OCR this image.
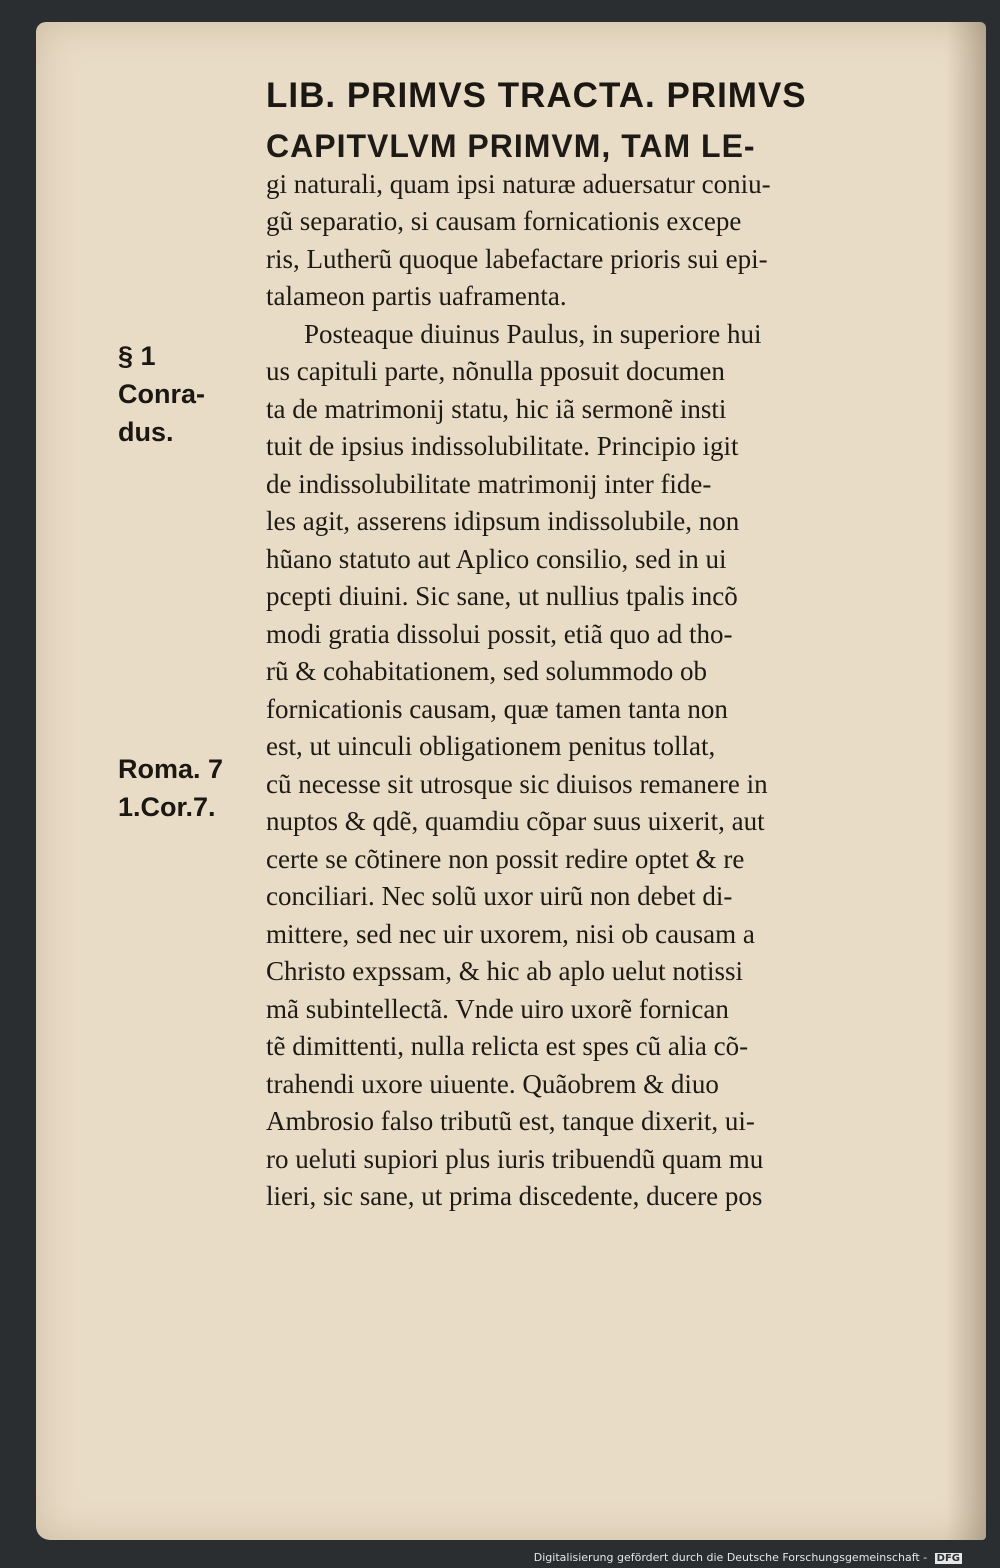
LIB. PRIMVS TRACTA. PRIMVS
§ 1
Conra-
dus.
Roma. 7
1.Cor.7.
CAPITVLVM PRIMVM, TAM LE-
gi naturali, quam ipsi naturæ aduersatur coniu-
gũ separatio, si causam fornicationis excepe
ris, Lutherũ quoque labefactare prioris sui epi-
talameon partis uaframenta.
Posteaque diuinus Paulus, in superiore hui
us capituli parte, nõnulla pposuit documen
ta de matrimonij statu, hic iã sermonẽ insti
tuit de ipsius indissolubilitate. Principio igit
de indissolubilitate matrimonij inter fide-
les agit, asserens idipsum indissolubile, non
hũano statuto aut Aplico consilio, sed in ui
pcepti diuini. Sic sane, ut nullius tpalis incõ
modi gratia dissolui possit, etiã quo ad tho-
rũ & cohabitationem, sed solummodo ob
fornicationis causam, quæ tamen tanta non
est, ut uinculi obligationem penitus tollat,
cũ necesse sit utrosque sic diuisos remanere in
nuptos & qdẽ, quamdiu cõpar suus uixerit, aut
certe se cõtinere non possit redire optet & re
conciliari. Nec solũ uxor uirũ non debet di-
mittere, sed nec uir uxorem, nisi ob causam a
Christo expssam, & hic ab aplo uelut notissi
mã subintellectã. Vnde uiro uxorẽ fornican
tẽ dimittenti, nulla relicta est spes cũ alia cõ-
trahendi uxore uiuente. Quãobrem & diuo
Ambrosio falso tributũ est, tanque dixerit, ui-
ro ueluti supiori plus iuris tribuendũ quam mu
lieri, sic sane, ut prima discedente, ducere pos
Digitalisierung gefördert durch die Deutsche Forschungsgemeinschaft - DFG
